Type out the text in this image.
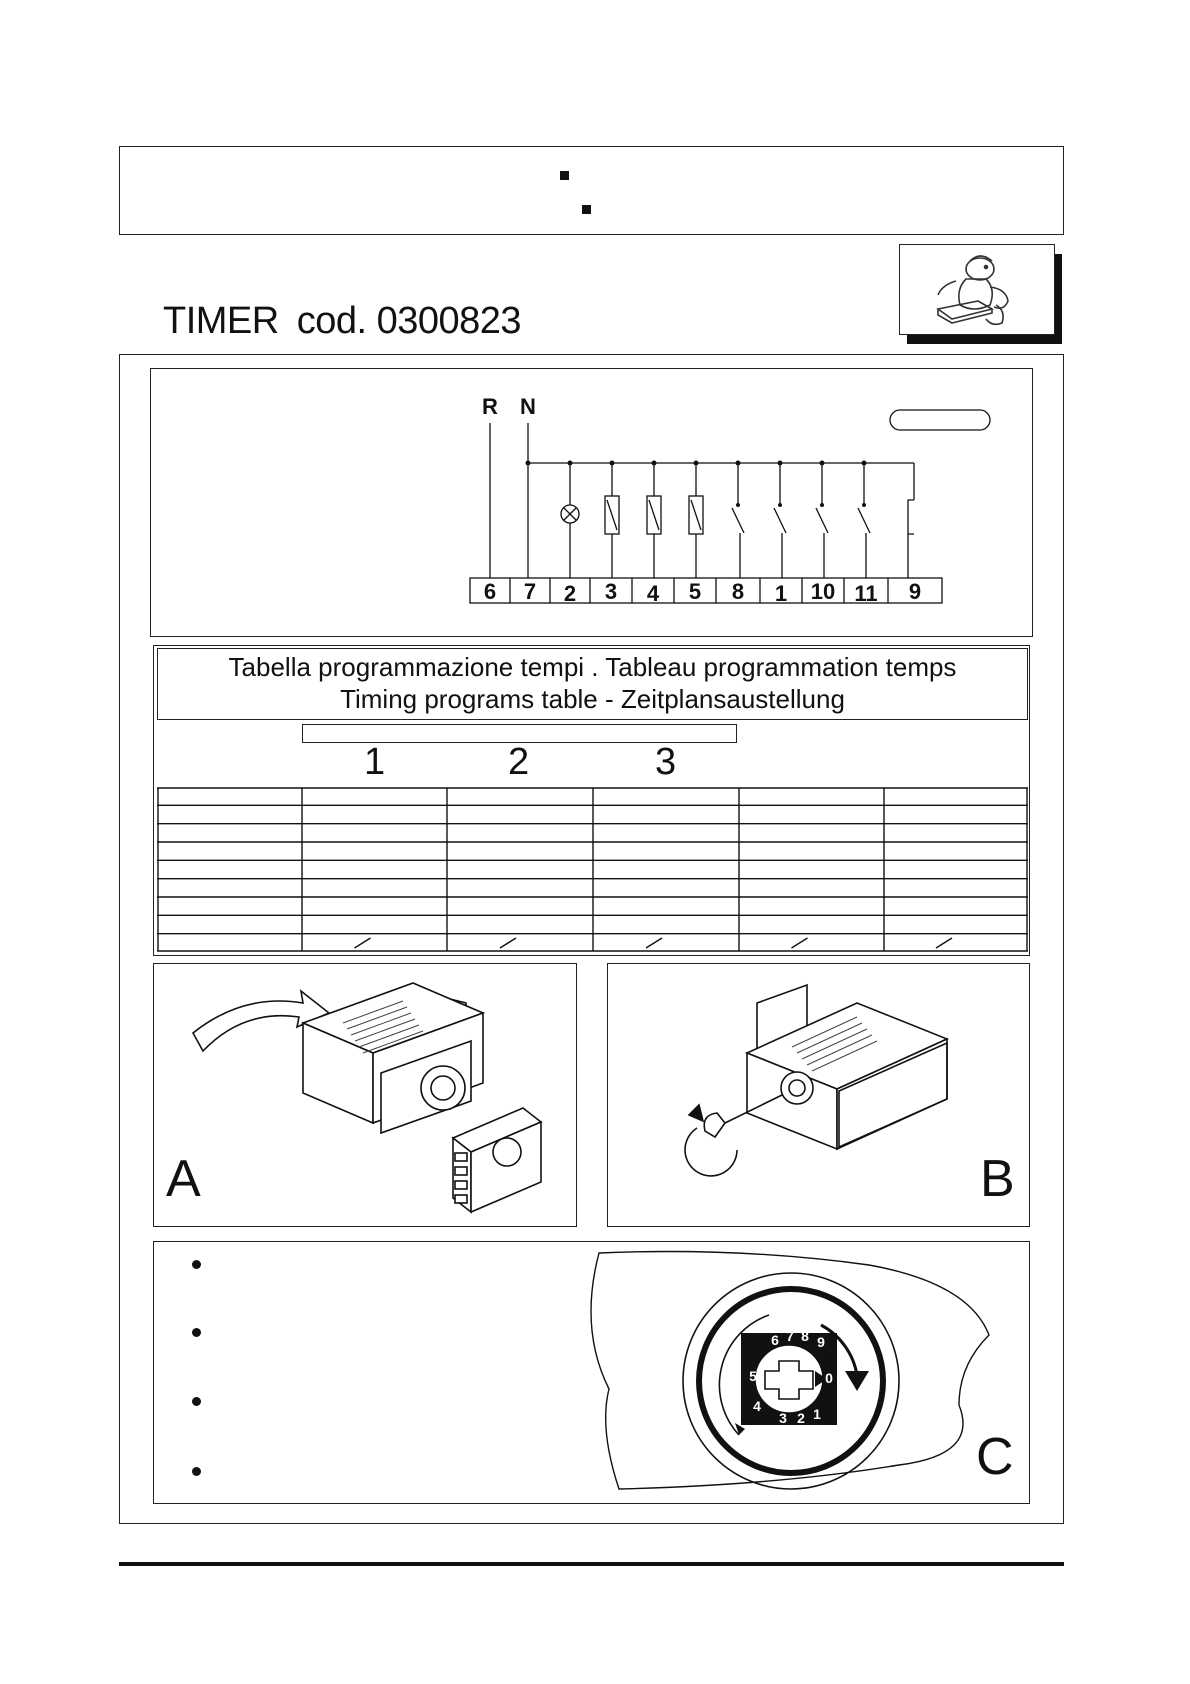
TIMER cod. 0300823
R N
6 7 2 3 4 5 8 1 10 11 9
Tabella programmazione tempi . Tableau programmation temps
Timing programs table - Zeitplansaustellung
1	2	3
A	B
6 7 8 9
0
1
2
3
4
5
C
